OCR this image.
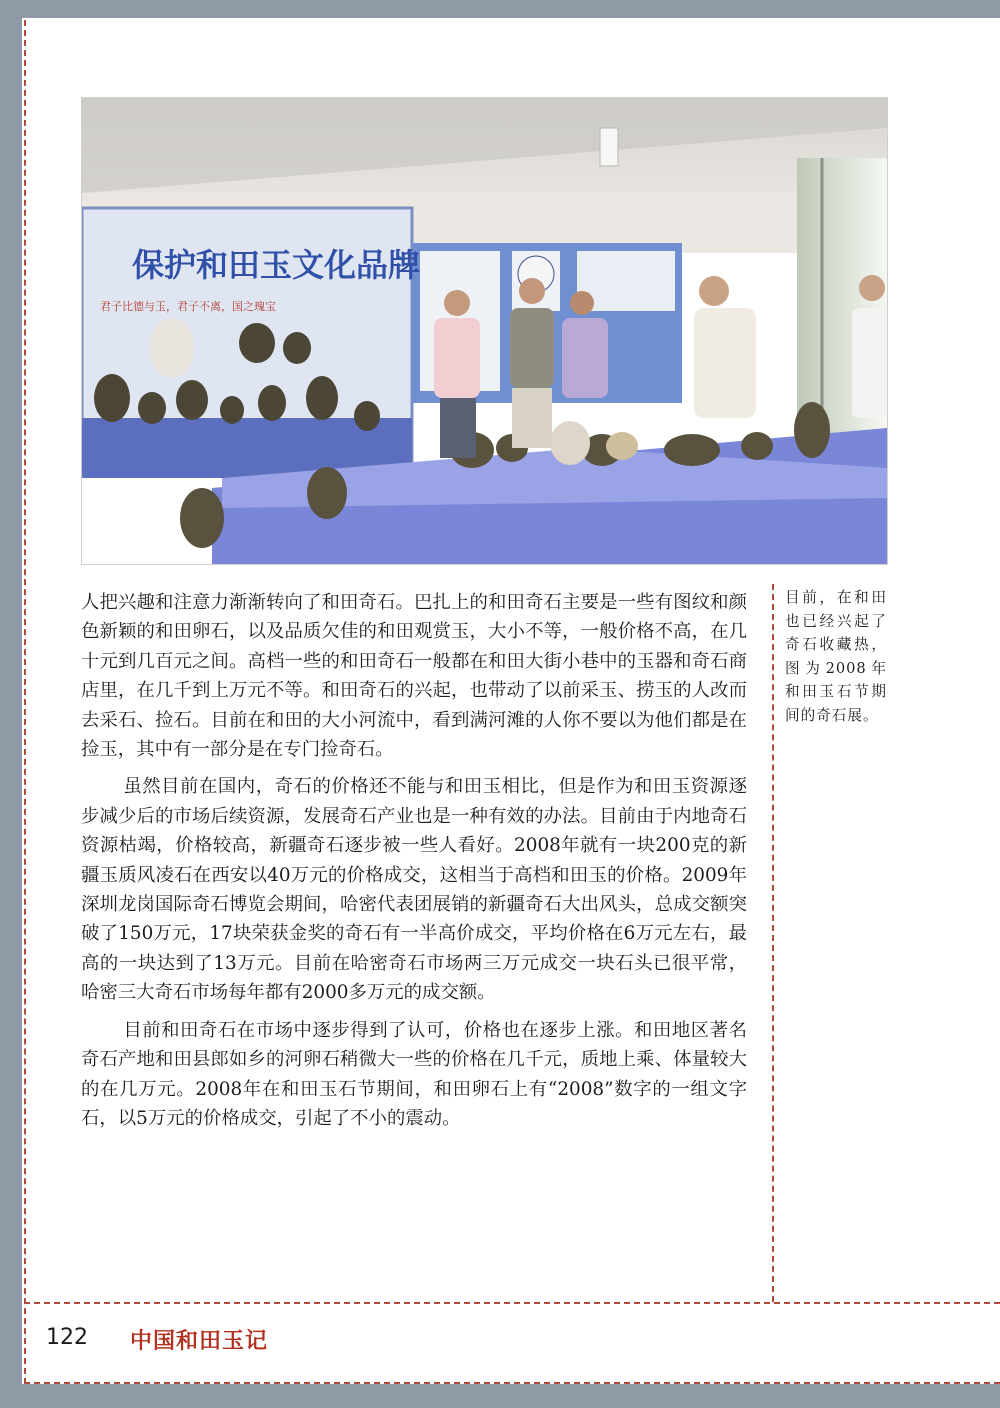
保护和田玉文化品牌
君子比德与玉，君子不离，国之瑰宝

人把兴趣和注意力渐渐转向了和田奇石。巴扎上的和田奇石主要是一些有图纹和颜色新颖的和田卵石，以及品质欠佳的和田观赏玉，大小不等，一般价格不高，在几十元到几百元之间。高档一些的和田奇石一般都在和田大街小巷中的玉器和奇石商店里，在几千到上万元不等。和田奇石的兴起，也带动了以前采玉、捞玉的人改而去采石、捡石。目前在和田的大小河流中，看到满河滩的人你不要以为他们都是在捡玉，其中有一部分是在专门捡奇石。

虽然目前在国内，奇石的价格还不能与和田玉相比，但是作为和田玉资源逐步减少后的市场后续资源，发展奇石产业也是一种有效的办法。目前由于内地奇石资源枯竭，价格较高，新疆奇石逐步被一些人看好。2008年就有一块200克的新疆玉质风凌石在西安以40万元的价格成交，这相当于高档和田玉的价格。2009年深圳龙岗国际奇石博览会期间，哈密代表团展销的新疆奇石大出风头，总成交额突破了150万元，17块荣获金奖的奇石有一半高价成交，平均价格在6万元左右，最高的一块达到了13万元。目前在哈密奇石市场两三万元成交一块石头已很平常，哈密三大奇石市场每年都有2000多万元的成交额。

目前和田奇石在市场中逐步得到了认可，价格也在逐步上涨。和田地区著名奇石产地和田县郎如乡的河卵石稍微大一些的价格在几千元，质地上乘、体量较大的在几万元。2008年在和田玉石节期间，和田卵石上有“2008”数字的一组文字石，以5万元的价格成交，引起了不小的震动。

目前，在和田也已经兴起了奇石收藏热，图为2008年和田玉石节期间的奇石展。
122 中国和田玉记
